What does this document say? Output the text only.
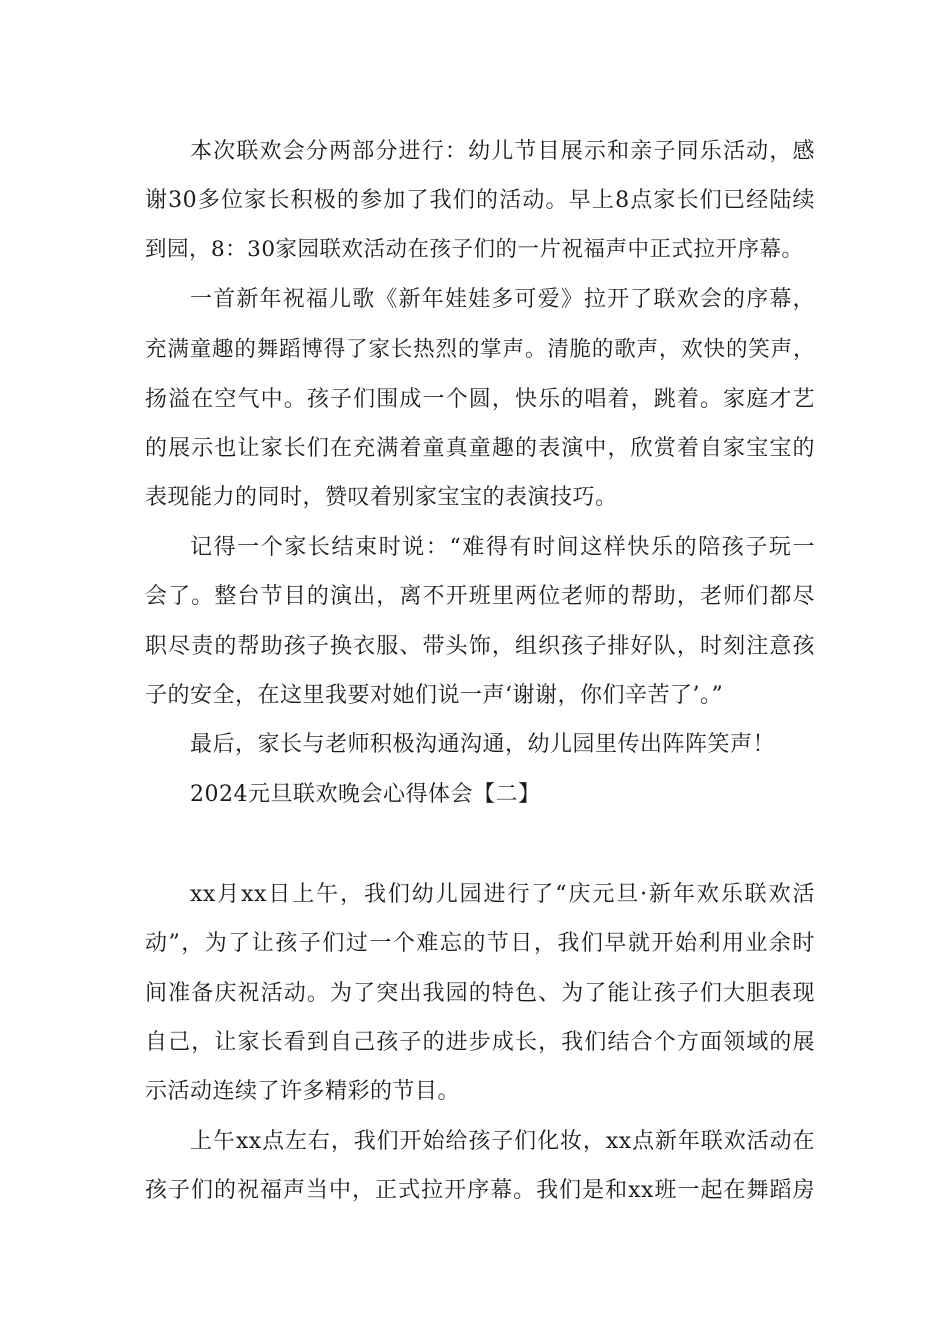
本次联欢会分两部分进行：幼儿节目展示和亲子同乐活动，感
谢30多位家长积极的参加了我们的活动。早上8点家长们已经陆续
到园，8：30家园联欢活动在孩子们的一片祝福声中正式拉开序幕。
一首新年祝福儿歌《新年娃娃多可爱》拉开了联欢会的序幕，
充满童趣的舞蹈博得了家长热烈的掌声。清脆的歌声，欢快的笑声，
扬溢在空气中。孩子们围成一个圆，快乐的唱着，跳着。家庭才艺
的展示也让家长们在充满着童真童趣的表演中，欣赏着自家宝宝的
表现能力的同时，赞叹着别家宝宝的表演技巧。
记得一个家长结束时说：“难得有时间这样快乐的陪孩子玩一
会了。整台节目的演出，离不开班里两位老师的帮助，老师们都尽
职尽责的帮助孩子换衣服、带头饰，组织孩子排好队，时刻注意孩
子的安全，在这里我要对她们说一声‘谢谢，你们辛苦了’。”
最后，家长与老师积极沟通沟通，幼儿园里传出阵阵笑声！
2024元旦联欢晚会心得体会【二】
xx月xx日上午，我们幼儿园进行了“庆元旦·新年欢乐联欢活
动”，为了让孩子们过一个难忘的节日，我们早就开始利用业余时
间准备庆祝活动。为了突出我园的特色、为了能让孩子们大胆表现
自己，让家长看到自己孩子的进步成长，我们结合个方面领域的展
示活动连续了许多精彩的节目。
上午xx点左右，我们开始给孩子们化妆，xx点新年联欢活动在
孩子们的祝福声当中，正式拉开序幕。我们是和xx班一起在舞蹈房
